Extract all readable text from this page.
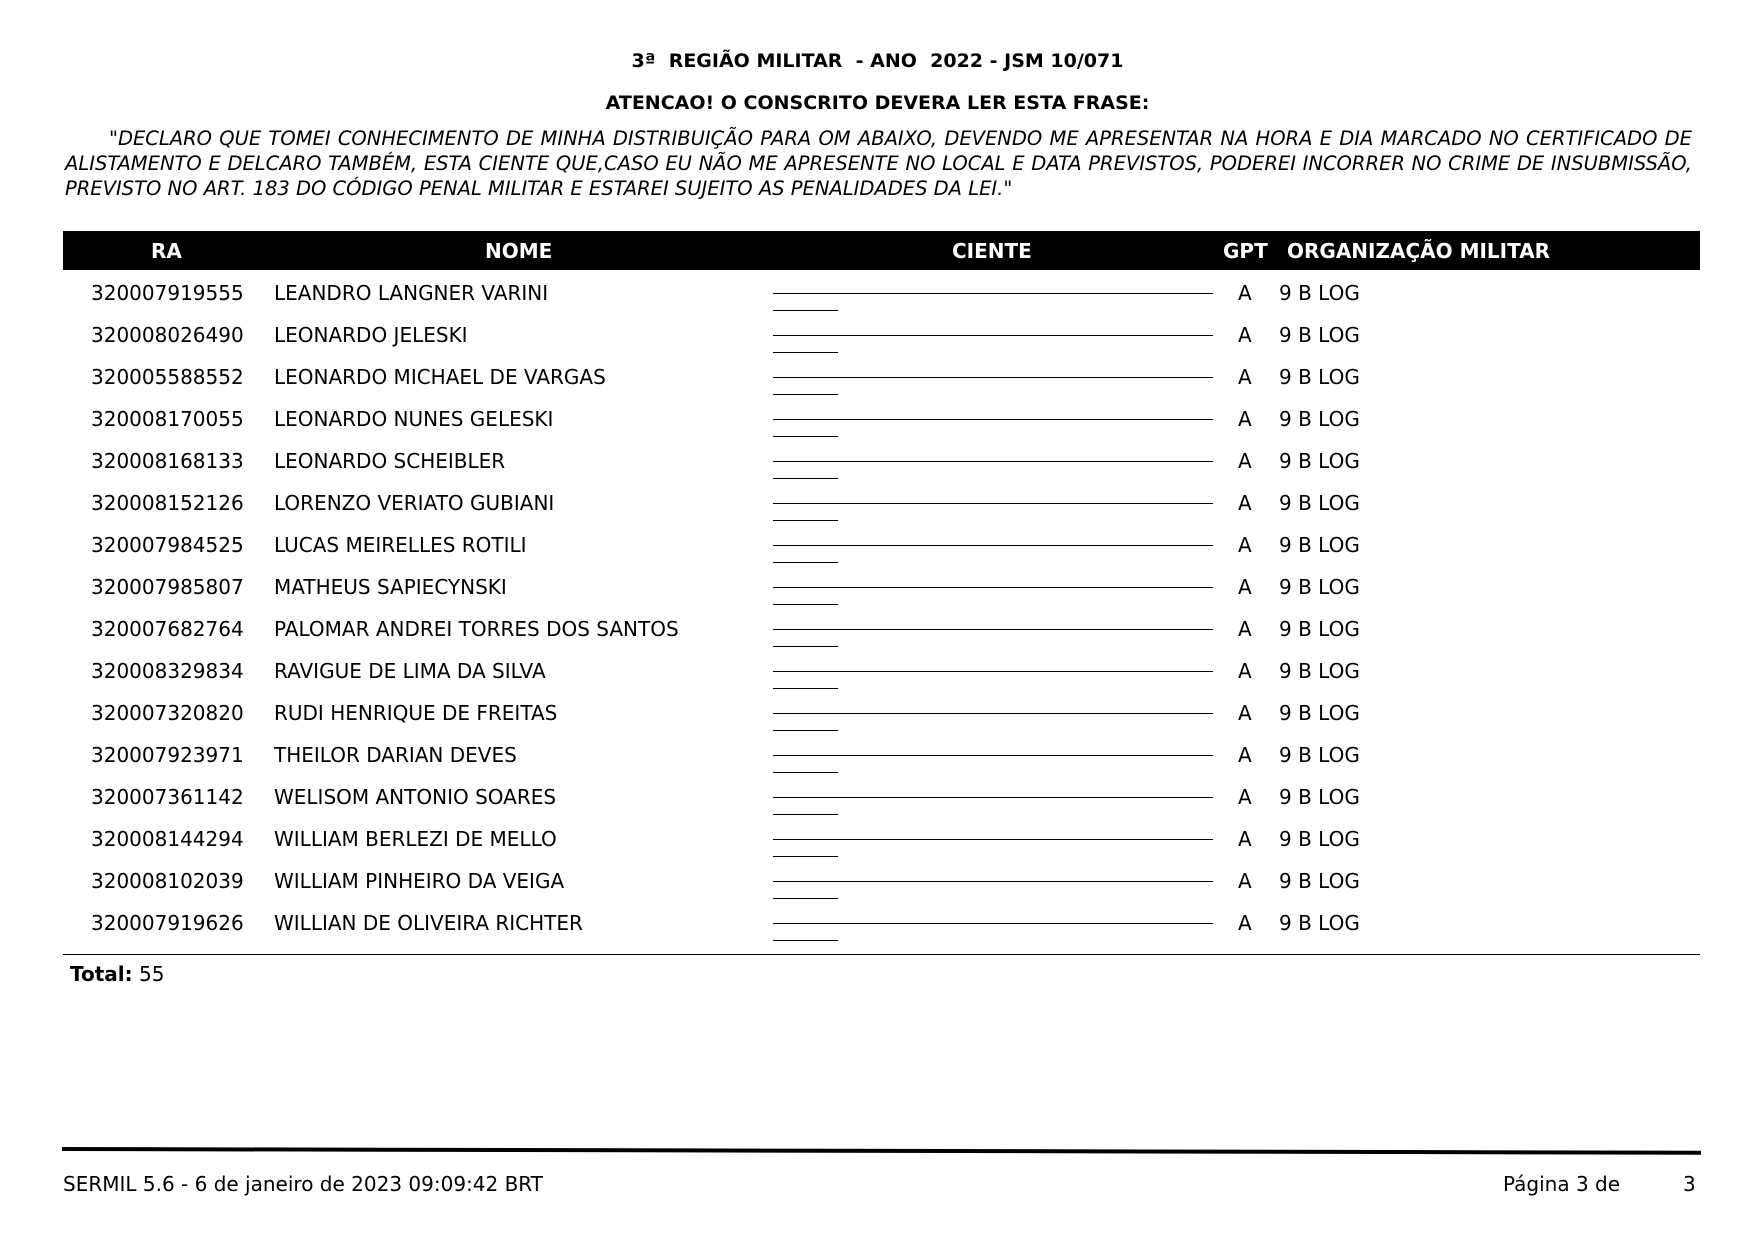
3ª  REGIÃO MILITAR  - ANO  2022 - JSM 10/071
ATENCAO! O CONSCRITO DEVERA LER ESTA FRASE:
"DECLARO QUE TOMEI CONHECIMENTO DE MINHA DISTRIBUIÇÃO PARA OM ABAIXO, DEVENDO ME APRESENTAR NA HORA E DIA MARCADO NO CERTIFICADO DE ALISTAMENTO E DELCARO TAMBÉM, ESTA CIENTE QUE,CASO EU NÃO ME APRESENTE NO LOCAL E DATA PREVISTOS, PODEREI INCORRER NO CRIME DE INSUBMISSÃO, PREVISTO NO ART. 183 DO CÓDIGO PENAL MILITAR E ESTAREI SUJEITO AS PENALIDADES DA LEI."
RA	NOME	CIENTE	GPT ORGANIZAÇÃO MILITAR
320007919555 LEANDRO LANGNER VARINI	A 9 B LOG
320008026490 LEONARDO JELESKI	A 9 B LOG
320005588552 LEONARDO MICHAEL DE VARGAS	A 9 B LOG
320008170055 LEONARDO NUNES GELESKI	A 9 B LOG
320008168133 LEONARDO SCHEIBLER	A 9 B LOG
320008152126 LORENZO VERIATO GUBIANI	A 9 B LOG
320007984525 LUCAS MEIRELLES ROTILI	A 9 B LOG
320007985807 MATHEUS SAPIECYNSKI	A 9 B LOG
320007682764 PALOMAR ANDREI TORRES DOS SANTOS	A 9 B LOG
320008329834 RAVIGUE DE LIMA DA SILVA	A 9 B LOG
320007320820 RUDI HENRIQUE DE FREITAS	A 9 B LOG
320007923971 THEILOR DARIAN DEVES	A 9 B LOG
320007361142 WELISOM ANTONIO SOARES	A 9 B LOG
320008144294 WILLIAM BERLEZI DE MELLO	A 9 B LOG
320008102039 WILLIAM PINHEIRO DA VEIGA	A 9 B LOG
320007919626 WILLIAN DE OLIVEIRA RICHTER	A 9 B LOG
Total: 55
SERMIL 5.6 - 6 de janeiro de 2023 09:09:42 BRT	Página 3 de	3
